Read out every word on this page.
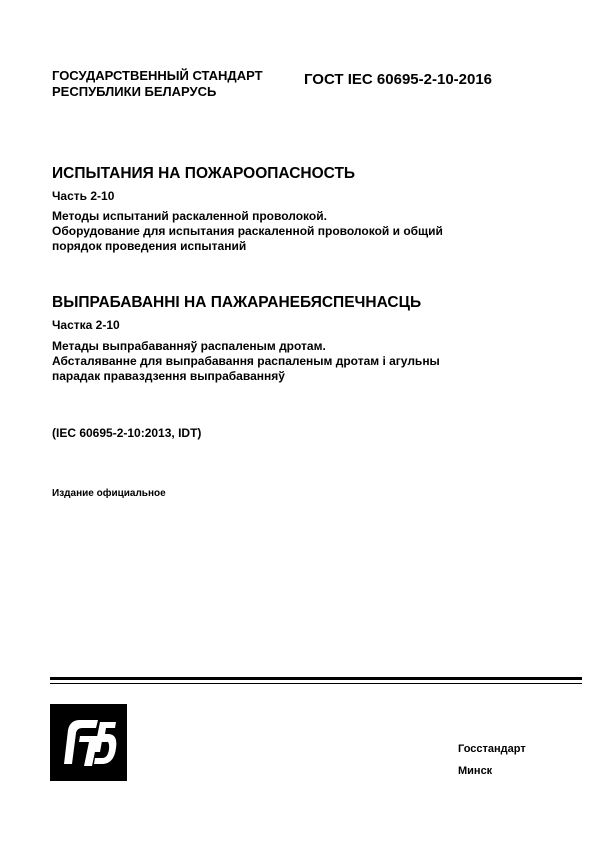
ГОСУДАРСТВЕННЫЙ СТАНДАРТ
РЕСПУБЛИКИ БЕЛАРУСЬ
ГОСТ IEC 60695-2-10-2016
ИСПЫТАНИЯ НА ПОЖАРООПАСНОСТЬ
Часть 2-10
Методы испытаний раскаленной проволокой.
Оборудование для испытания раскаленной проволокой и общий
порядок проведения испытаний
ВЫПРАБАВАННІ НА ПАЖАРАНЕБЯСПЕЧНАСЦЬ
Частка 2-10
Метады выпрабаванняў распаленым дротам.
Абсталяванне для выпрабавання распаленым дротам і агульны
парадак праваздзення выпрабаванняў
(IEC 60695-2-10:2013, IDT)
Издание официальное
Госстандарт
Минск
